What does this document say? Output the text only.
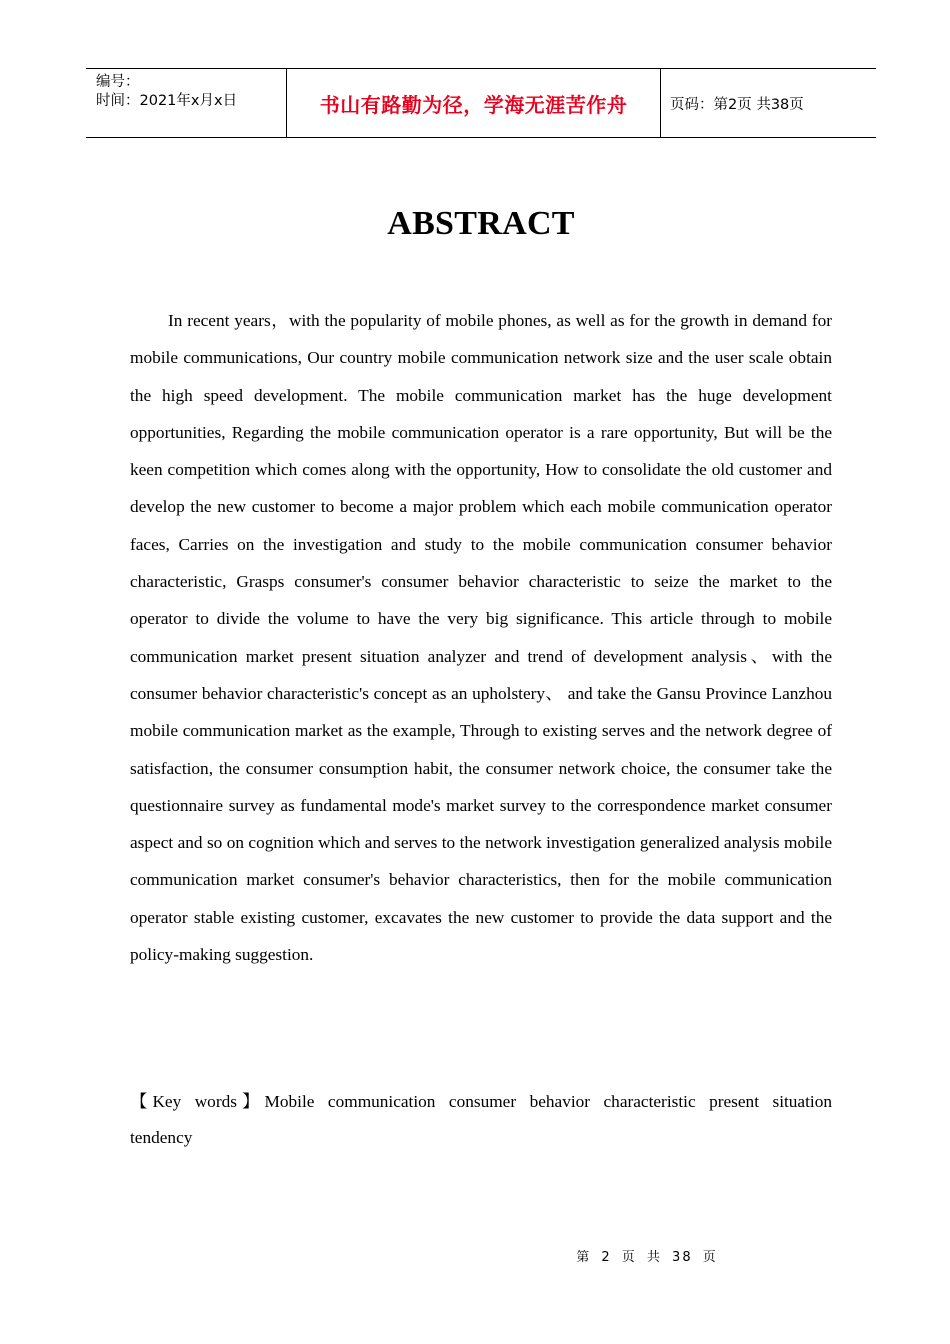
编号：
时间：2021年x月x日	书山有路勤为径，学海无涯苦作舟	页码：第2页 共38页
ABSTRACT

In recent years，with the popularity of mobile phones, as well as for the growth in demand for mobile communications, Our country mobile communication network size and the user scale obtain the high speed development. The mobile communication market has the huge development opportunities, Regarding the mobile communication operator is a rare opportunity, But will be the keen competition which comes along with the opportunity, How to consolidate the old customer and develop the new customer to become a major problem which each mobile communication operator faces, Carries on the investigation and study to the mobile communication consumer behavior characteristic, Grasps consumer's consumer behavior characteristic to seize the market to the operator to divide the volume to have the very big significance. This article through to mobile communication market present situation analyzer and trend of development analysis、with the consumer behavior characteristic's concept as an upholstery、 and take the Gansu Province Lanzhou mobile communication market as the example, Through to existing serves and the network degree of satisfaction, the consumer consumption habit, the consumer network choice, the consumer take the questionnaire survey as fundamental mode's market survey to the correspondence market consumer aspect and so on cognition which and serves to the network investigation generalized analysis mobile communication market consumer's behavior characteristics, then for the mobile communication operator stable existing customer, excavates the new customer to provide the data support and the policy-making suggestion.

【Key words】Mobile communication consumer behavior characteristic present situation tendency

第 2 页 共 38 页
